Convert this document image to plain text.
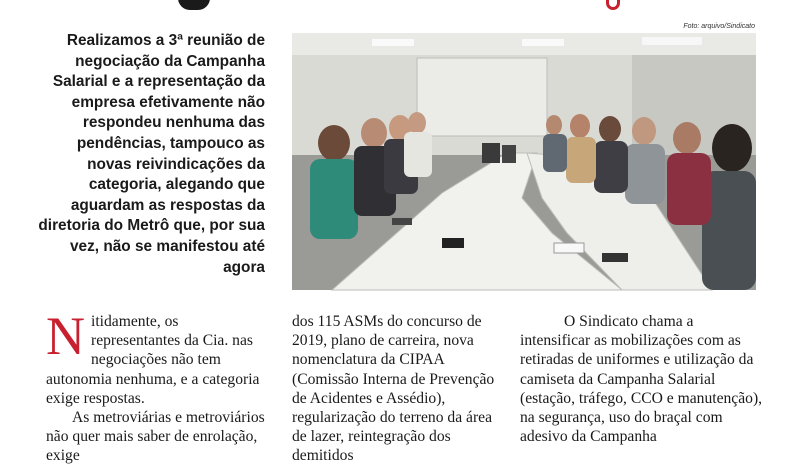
Foto: arquivo/Sindicato
Realizamos a 3ª reunião de negociação da Campanha Salarial e a representação da empresa efetivamente não respondeu nenhuma das pendências, tampouco as novas reivindicações da categoria, alegando que aguardam as respostas da diretoria do Metrô que, por sua vez, não se manifestou até agora
N itidamente, os representantes da Cia. nas negociações não tem autonomia nenhuma, e a categoria exige respostas.
As metroviárias e metroviários não quer mais saber de enrolação, exige

dos 115 ASMs do concurso de 2019, plano de carreira, nova nomenclatura da CIPAA (Comissão Interna de Prevenção de Acidentes e Assédio), regularização do terreno da área de lazer, reintegração dos demitidos

O Sindicato chama a intensificar as mobilizações com as retiradas de uniformes e utilização da camiseta da Campanha Salarial (estação, tráfego, CCO e manutenção), na segurança, uso do braçal com adesivo da Campanha
